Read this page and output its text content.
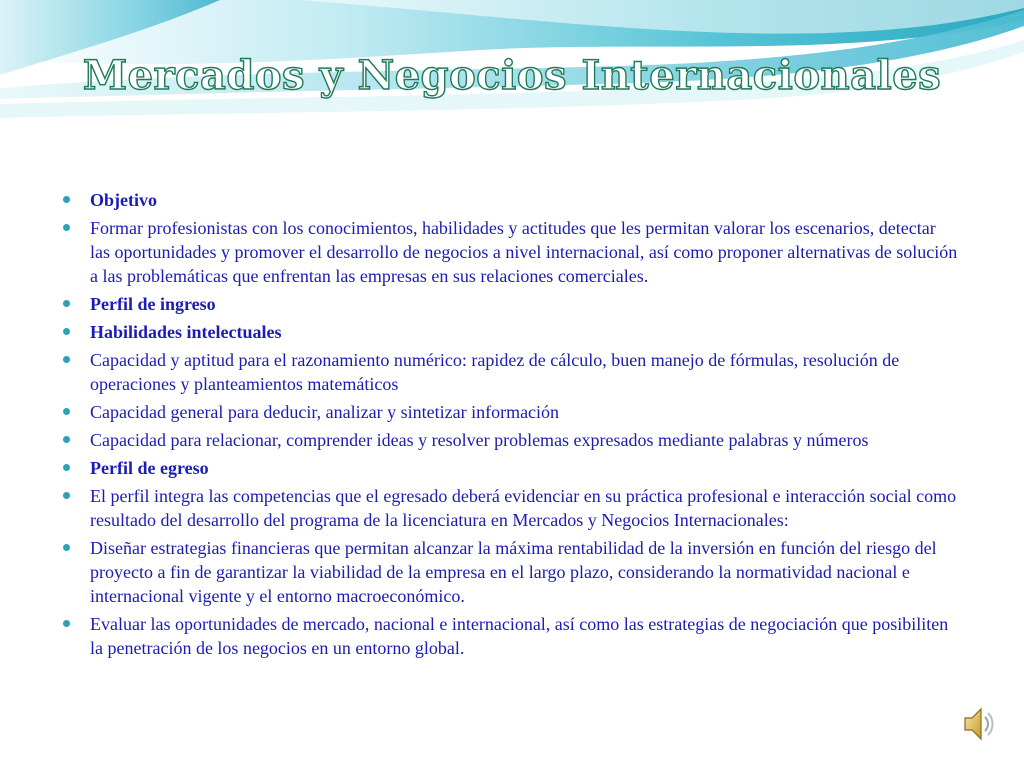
Mercados y Negocios Internacionales
Objetivo
Formar profesionistas con los conocimientos, habilidades y actitudes que les permitan valorar los escenarios, detectar las oportunidades y promover el desarrollo de negocios a nivel internacional, así como proponer alternativas de solución a las problemáticas que enfrentan las empresas en sus relaciones comerciales.
Perfil de ingreso
Habilidades intelectuales
Capacidad y aptitud para el razonamiento numérico: rapidez de cálculo, buen manejo de fórmulas, resolución de operaciones y planteamientos matemáticos
Capacidad general para deducir, analizar y sintetizar información
Capacidad para relacionar, comprender ideas y resolver problemas expresados mediante palabras y números
Perfil de egreso
El perfil integra las competencias que el egresado deberá evidenciar en su práctica profesional e interacción social como resultado del desarrollo del programa de la licenciatura en Mercados y Negocios Internacionales:
Diseñar estrategias financieras que permitan alcanzar la máxima rentabilidad de la inversión en función del riesgo del proyecto a fin de garantizar la viabilidad de la empresa en el largo plazo, considerando la normatividad nacional e internacional vigente y el entorno macroeconómico.
Evaluar las oportunidades de mercado, nacional e internacional, así como las estrategias de negociación que posibiliten la penetración de los negocios en un entorno global.
